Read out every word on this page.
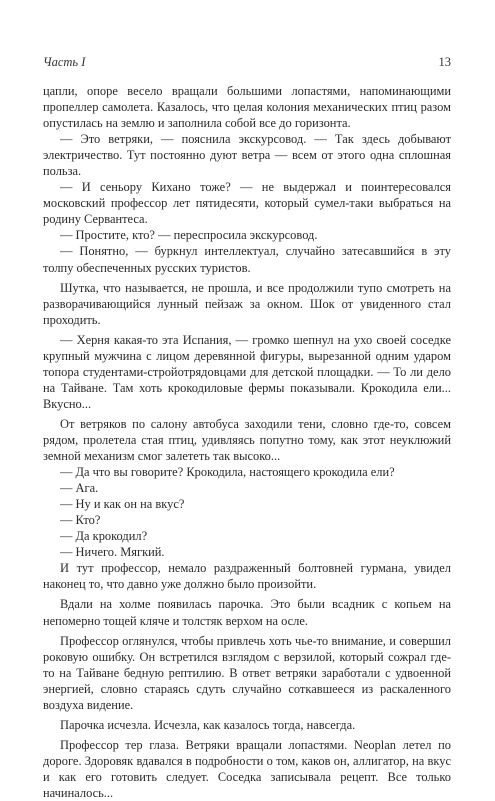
Часть I	13

цапли, опоре весело вращали большими лопастями, напоминающими пропеллер самолета. Казалось, что целая колония механических птиц разом опустилась на землю и заполнила собой все до горизонта.

— Это ветряки, — пояснила экскурсовод. — Так здесь добывают электричество. Тут постоянно дуют ветра — всем от этого одна сплошная польза.

— И сеньору Кихано тоже? — не выдержал и поинтересовался московский профессор лет пятидесяти, который сумел-таки выбраться на родину Сервантеса.

— Простите, кто? — переспросила экскурсовод.

— Понятно, — буркнул интеллектуал, случайно затесавшийся в эту толпу обеспеченных русских туристов.

Шутка, что называется, не прошла, и все продолжили тупо смотреть на разворачивающийся лунный пейзаж за окном. Шок от увиденного стал проходить.

— Херня какая-то эта Испания, — громко шепнул на ухо своей соседке крупный мужчина с лицом деревянной фигуры, вырезанной одним ударом топора студентами-стройотрядовцами для детской площадки. — То ли дело на Тайване. Там хоть крокодиловые фермы показывали. Крокодила ели... Вкусно...

От ветряков по салону автобуса заходили тени, словно где-то, совсем рядом, пролетела стая птиц, удивляясь попутно тому, как этот неуклюжий земной механизм смог залететь так высоко...

— Да что вы говорите? Крокодила, настоящего крокодила ели?

— Ага.

— Ну и как он на вкус?

— Кто?

— Да крокодил?

— Ничего. Мягкий.

И тут профессор, немало раздраженный болтовней гурмана, увидел наконец то, что давно уже должно было произойти.

Вдали на холме появилась парочка. Это были всадник с копьем на непомерно тощей кляче и толстяк верхом на осле.

Профессор оглянулся, чтобы привлечь хоть чье-то внимание, и совершил роковую ошибку. Он встретился взглядом с верзилой, который сожрал где-то на Тайване бедную рептилию. В ответ ветряки заработали с удвоенной энергией, словно стараясь сдуть случайно соткавшееся из раскаленного воздуха видение.

Парочка исчезла. Исчезла, как казалось тогда, навсегда.

Профессор тер глаза. Ветряки вращали лопастями. Neoplan летел по дороге. Здоровяк вдавался в подробности о том, каков он, аллигатор, на вкус и как его готовить следует. Соседка записывала рецепт. Все только начиналось...
